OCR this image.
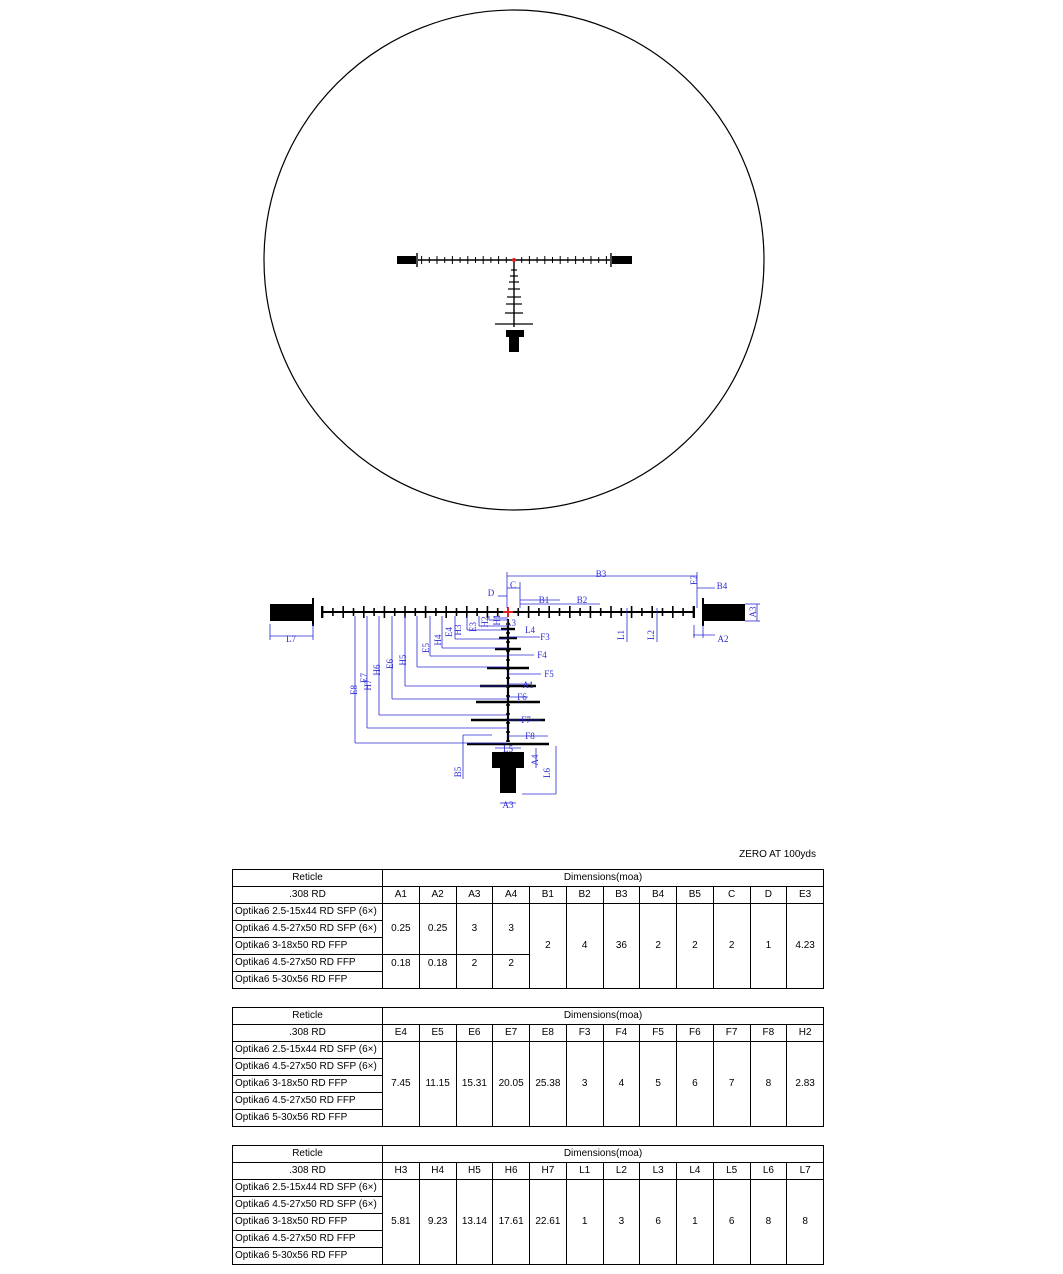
B3
C
D
B1	B2
B4
E2
H1
A3
L1 L2
L7	A2
L3
L4
E3 H2
H3
E4
H4
E5
H5
E6
H6
E7
H7
E8
F3
F4
F5
A1
F6
F7
F8
L5
B5
A4
L6
A3
ZERO AT 100yds
Reticle	Dimensions(moa)											
.308 RD	A1	A2	A3	A4	B1	B2	B3	B4	B5	C	D	E3
Optika6 2.5-15x44 RD SFP (6×)	0.25	0.25	3	3	2	4	36	2	2	2	1	4.23
Optika6 4.5-27x50 RD SFP (6×)												
Optika6 3-18x50 RD FFP												
Optika6 4.5-27x50 RD FFP	0.18	0.18	2	2								
Optika6 5-30x56 RD FFP												
Reticle	Dimensions(moa)											
.308 RD	E4	E5	E6	E7	E8	F3	F4	F5	F6	F7	F8	H2
Optika6 2.5-15x44 RD SFP (6×)	7.45	11.15	15.31	20.05	25.38	3	4	5	6	7	8	2.83
Optika6 4.5-27x50 RD SFP (6×)												
Optika6 3-18x50 RD FFP												
Optika6 4.5-27x50 RD FFP												
Optika6 5-30x56 RD FFP												
Reticle	Dimensions(moa)											
.308 RD	H3	H4	H5	H6	H7	L1	L2	L3	L4	L5	L6	L7
Optika6 2.5-15x44 RD SFP (6×)	5.81	9.23	13.14	17.61	22.61	1	3	6	1	6	8	8
Optika6 4.5-27x50 RD SFP (6×)												
Optika6 3-18x50 RD FFP												
Optika6 4.5-27x50 RD FFP												
Optika6 5-30x56 RD FFP												
